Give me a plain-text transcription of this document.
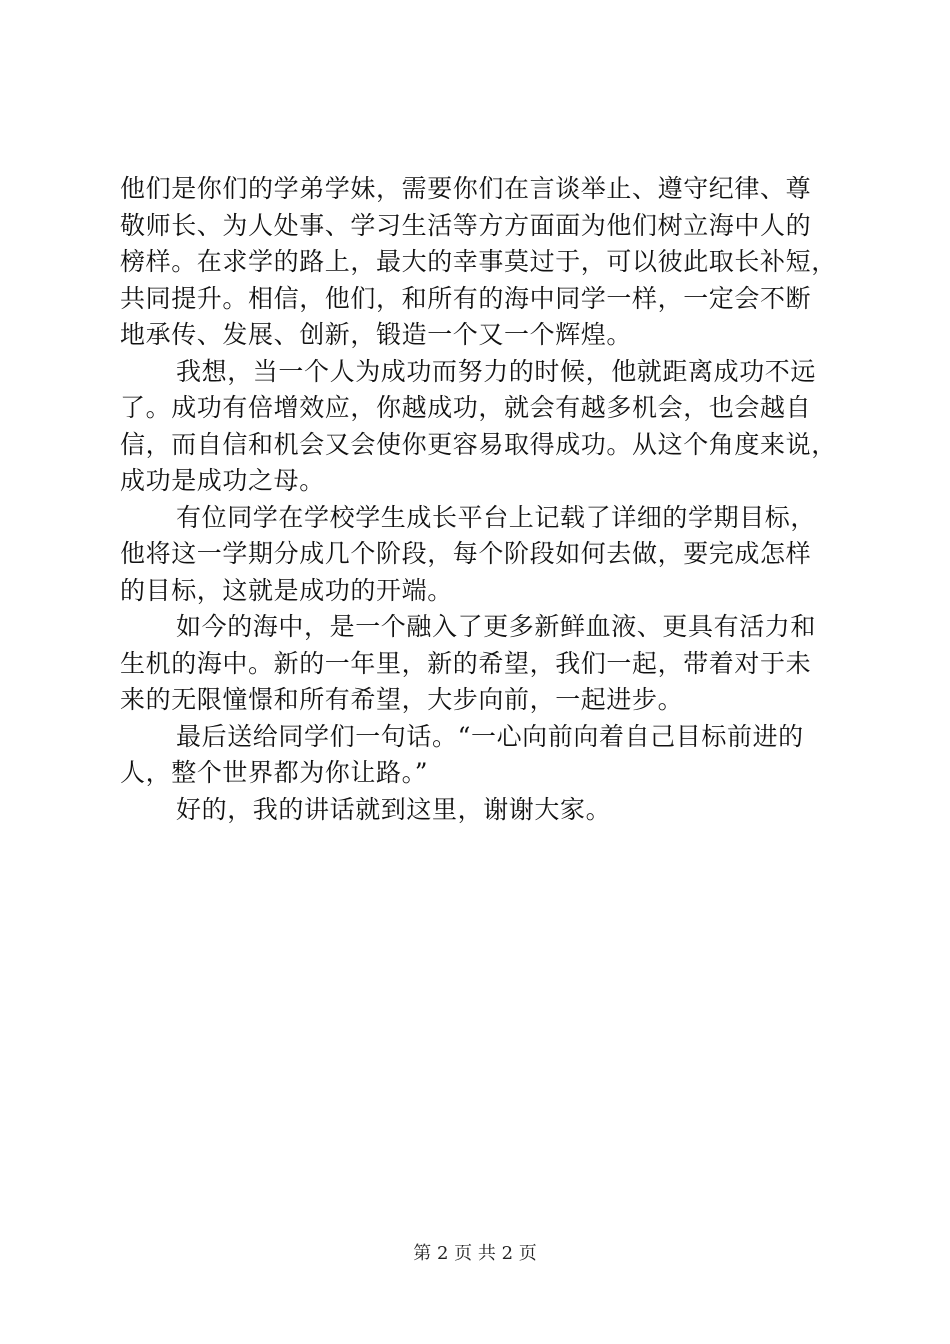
他们是你们的学弟学妹，需要你们在言谈举止、遵守纪律、尊
敬师长、为人处事、学习生活等方方面面为他们树立海中人的
榜样。在求学的路上，最大的幸事莫过于，可以彼此取长补短，
共同提升。相信，他们，和所有的海中同学一样，一定会不断
地承传、发展、创新，锻造一个又一个辉煌。
我想，当一个人为成功而努力的时候，他就距离成功不远
了。成功有倍增效应，你越成功，就会有越多机会，也会越自
信，而自信和机会又会使你更容易取得成功。从这个角度来说，
成功是成功之母。
有位同学在学校学生成长平台上记载了详细的学期目标，
他将这一学期分成几个阶段，每个阶段如何去做，要完成怎样
的目标，这就是成功的开端。
如今的海中，是一个融入了更多新鲜血液、更具有活力和
生机的海中。新的一年里，新的希望，我们一起，带着对于未
来的无限憧憬和所有希望，大步向前，一起进步。
最后送给同学们一句话。“一心向前向着自己目标前进的
人，整个世界都为你让路。”
好的，我的讲话就到这里，谢谢大家。
第 2 页 共 2 页
